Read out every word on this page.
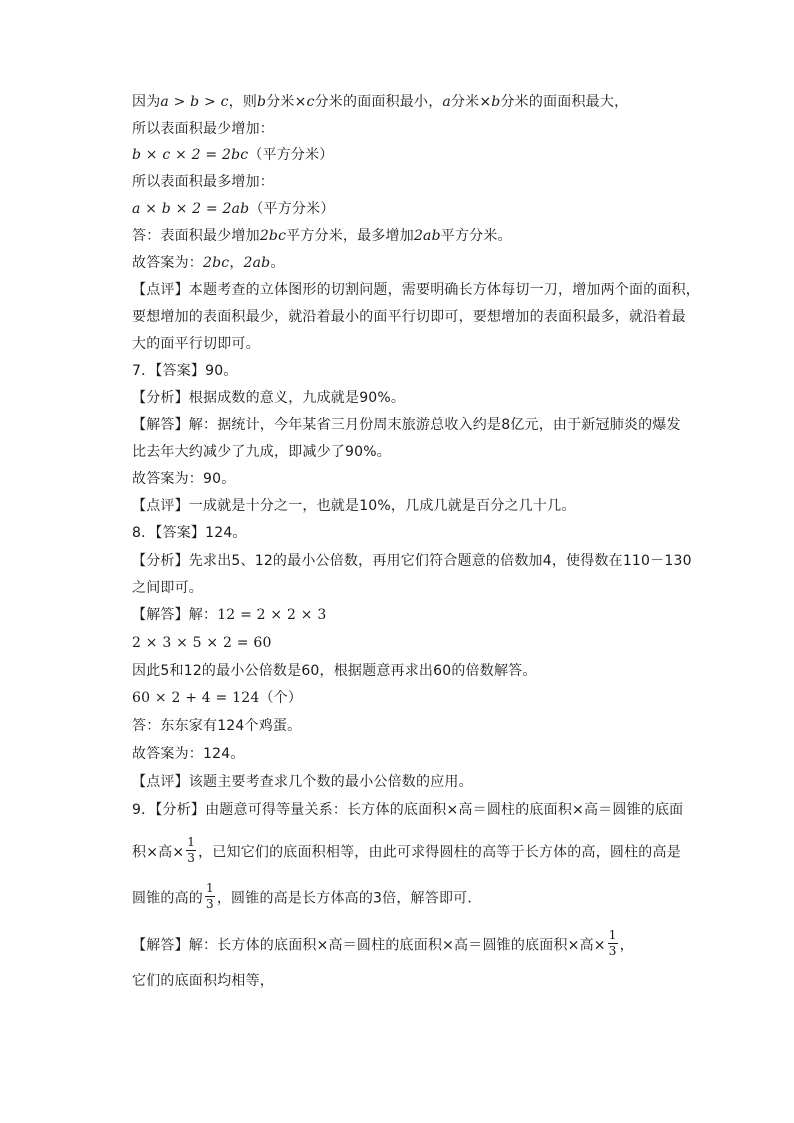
因为a > b > c，则b分米×c分米的面面积最小，a分米×b分米的面面积最大，
所以表面积最少增加：
b × c × 2 = 2bc（平方分米）
所以表面积最多增加：
a × b × 2 = 2ab（平方分米）
答：表面积最少增加2bc平方分米，最多增加2ab平方分米。
故答案为：2bc，2ab。
【点评】本题考查的立体图形的切割问题，需要明确长方体每切一刀，增加两个面的面积，
要想增加的表面积最少，就沿着最小的面平行切即可，要想增加的表面积最多，就沿着最
大的面平行切即可。
7．【答案】90。
【分析】根据成数的意义，九成就是90%。
【解答】解：据统计，今年某省三月份周末旅游总收入约是8亿元，由于新冠肺炎的爆发
比去年大约减少了九成，即减少了90%。
故答案为：90。
【点评】一成就是十分之一，也就是10%，几成几就是百分之几十几。
8．【答案】124。
【分析】先求出5、12的最小公倍数，再用它们符合题意的倍数加4，使得数在110－130
之间即可。
【解答】解：12 = 2 × 2 × 3
2 × 3 × 5 × 2 = 60
因此5和12的最小公倍数是60，根据题意再求出60的倍数解答。
60 × 2 + 4 = 124（个）
答：东东家有124个鸡蛋。
故答案为：124。
【点评】该题主要考查求几个数的最小公倍数的应用。
9．【分析】由题意可得等量关系：长方体的底面积×高＝圆柱的底面积×高＝圆锥的底面
积×高× $\frac{1}{3}$ ，已知它们的底面积相等，由此可求得圆柱的高等于长方体的高，圆柱的高是
圆锥的高的 $\frac{1}{3}$ ，圆锥的高是长方体高的3倍，解答即可．
【解答】解：长方体的底面积×高＝圆柱的底面积×高＝圆锥的底面积×高× $\frac{1}{3}$ ，
它们的底面积均相等，
